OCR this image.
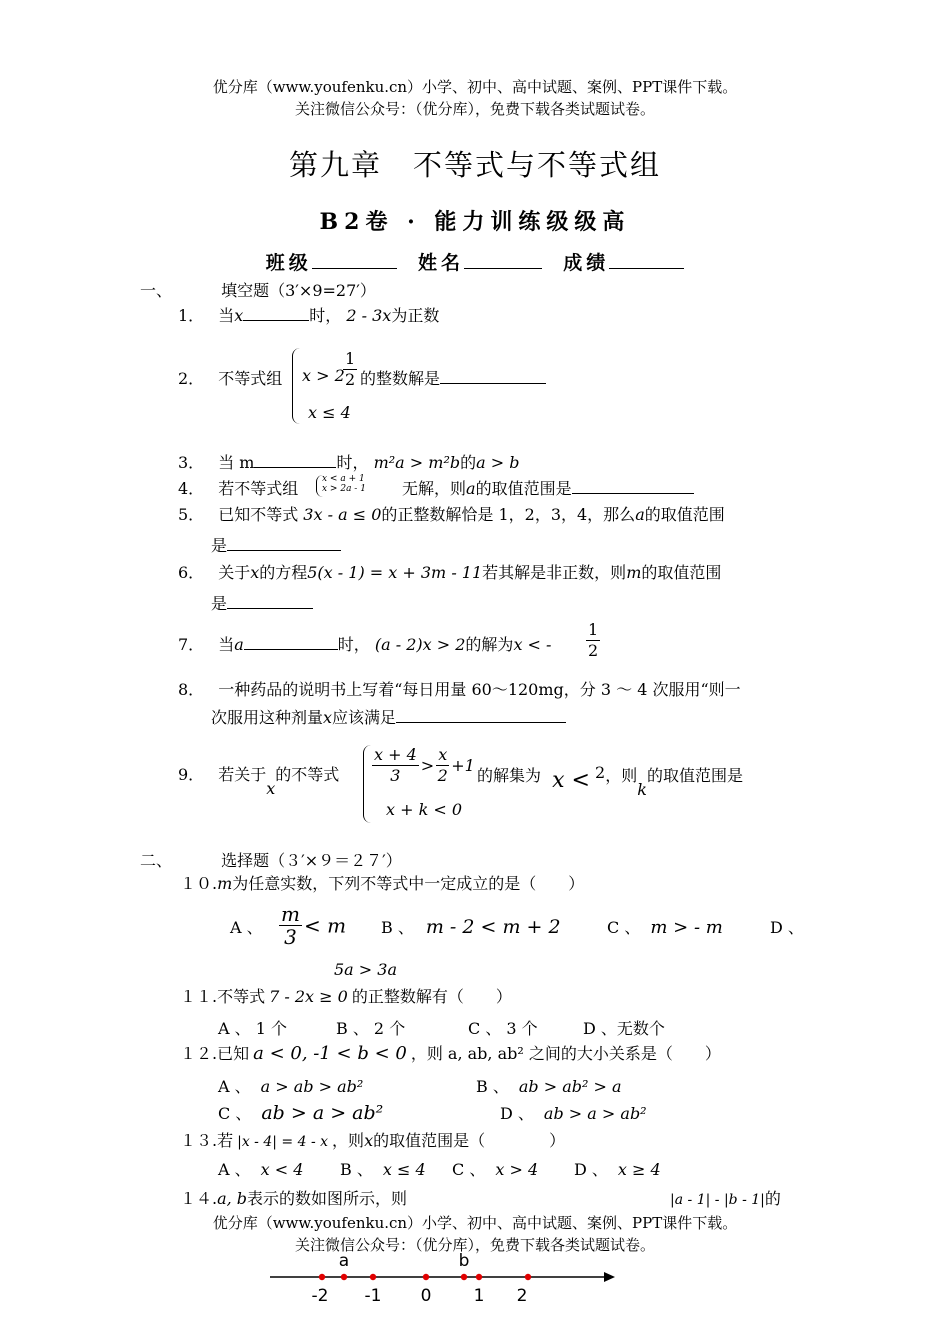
优分库（www.youfenku.cn）小学、初中、高中试题、案例、PPT课件下载。
关注微信公众号：（优分库），免费下载各类试题试卷。
第九章　不等式与不等式组
B2卷 · 能力训练级级高
班级	姓名	成绩
一、	填空题（3′×9=27′）
1． 当x	时， 2 - 3x为正数
2． 不等式组 x > 2
$\frac{1}{2}$ 的整数解是
x ≤ 4
3． 当 m	时， m²a > m²b的a > b
4． 若不等式组	x < a + 1
x > 2a - 1 无解，则a的取值范围是
5． 已知不等式 3x - a ≤ 0的正整数解恰是 1，2，3，4，那么a的取值范围
是
6． 关于x的方程5(x - 1) = x + 3m - 11若其解是非正数，则m的取值范围
是
7． 当a	时， (a - 2)x > 2的解为x < - $\frac{1}{2}$
8． 一种药品的说明书上写着“每日用量 60～120mg，分 3 ～ 4 次服用“则一
次服用这种剂量x应该满足
9． 若关于x的不等式 $\frac{x + 4}{3} > \frac{x}{2} +1$
的解集为 x < 2，则k的取值范围是
x + k < 0
二、	选择题（３′×９＝２７′）
１０.m为任意实数，下列不等式中一定成立的是（　　）
A 、 $\frac{m}{3} < m$ B 、 m - 2 < m + 2	C 、 m > - m	D 、
5a > 3a
１１.不等式 7 - 2x ≥ 0 的正整数解有（　　）
A 、 1 个	B 、 2 个	C 、 3 个	D 、无数个
１２.已知 a < 0, -1 < b < 0 ，则 a, ab, ab² 之间的大小关系是（　　）
A 、 a > ab > ab²	B 、 ab > ab² > a
C 、 ab > a > ab²	D 、 ab > a > ab²
１３.若 |x - 4| = 4 - x ，则x的取值范围是（　　　　）
A 、 x < 4 B 、 x ≤ 4 C 、 x > 4 D 、 x ≥ 4
１４.a, b表示的数如图所示，则	|a - 1| - |b - 1|的
优分库（www.youfenku.cn）小学、初中、高中试题、案例、PPT课件下载。
关注微信公众号：（优分库），免费下载各类试题试卷。
a	b
-2 -1 0 1 2
